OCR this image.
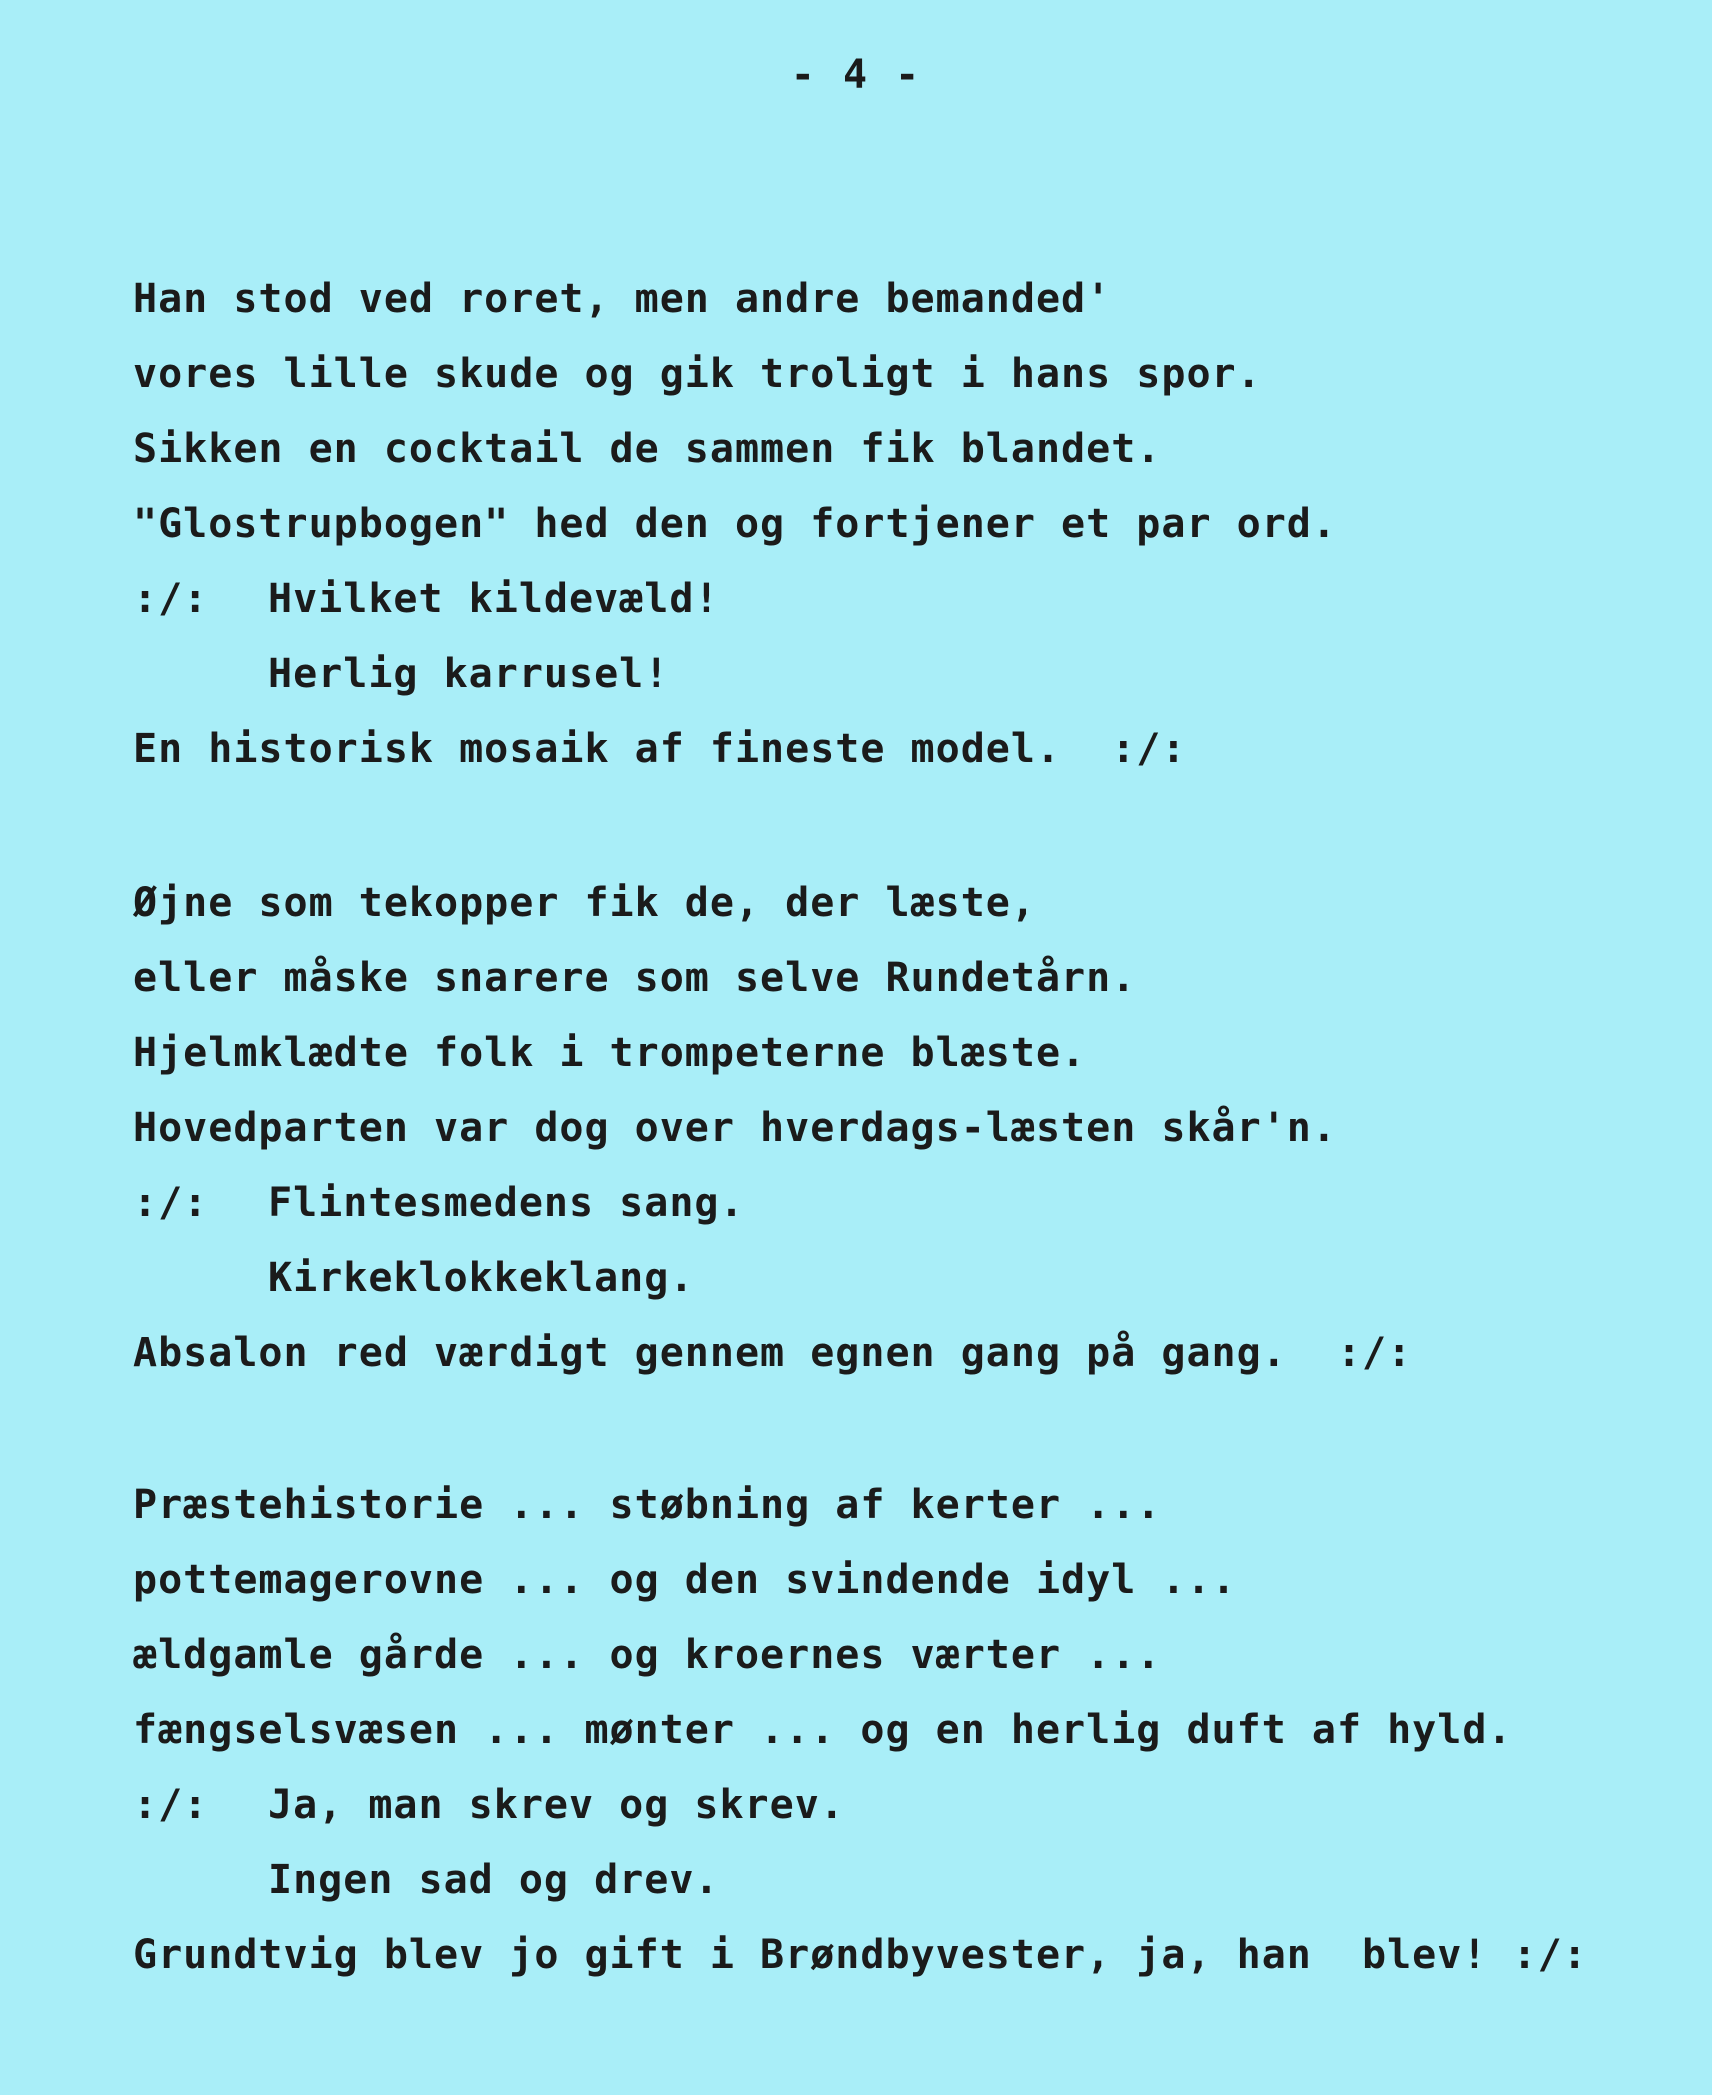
- 4 -
Han stod ved roret, men andre bemanded'
vores lille skude og gik troligt i hans spor.
Sikken en cocktail de sammen fik blandet.
"Glostrupbogen" hed den og fortjener et par ord.
:/: Hvilket kildevæld!
Herlig karrusel!
En historisk mosaik af fineste model.  :/:
Øjne som tekopper fik de, der læste,
eller måske snarere som selve Rundetårn.
Hjelmklædte folk i trompeterne blæste.
Hovedparten var dog over hverdags-læsten skår'n.
:/: Flintesmedens sang.
Kirkeklokkeklang.
Absalon red værdigt gennem egnen gang på gang.  :/:
Præstehistorie ... støbning af kerter ...
pottemagerovne ... og den svindende idyl ...
ældgamle gårde ... og kroernes værter ...
fængselsvæsen ... mønter ... og en herlig duft af hyld.
:/: Ja, man skrev og skrev.
Ingen sad og drev.
Grundtvig blev jo gift i Brøndbyvester, ja, han  blev! :/:
